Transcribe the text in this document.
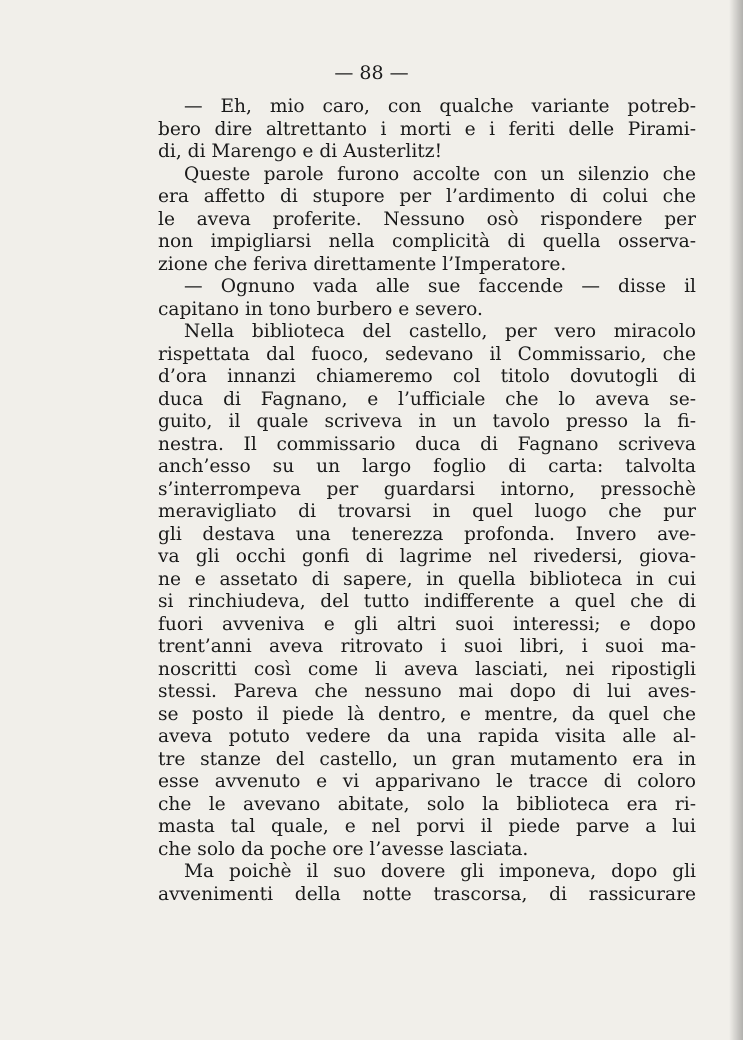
— 88 —
— Eh, mio caro, con qualche variante potreb-
bero dire altrettanto i morti e i feriti delle Pirami-
di, di Marengo e di Austerlitz!
Queste parole furono accolte con un silenzio che
era affetto di stupore per l’ardimento di colui che
le aveva proferite. Nessuno osò rispondere per
non impigliarsi nella complicità di quella osserva-
zione che feriva direttamente l’Imperatore.
— Ognuno vada alle sue faccende — disse il
capitano in tono burbero e severo.
Nella biblioteca del castello, per vero miracolo
rispettata dal fuoco, sedevano il Commissario, che
d’ora innanzi chiameremo col titolo dovutogli di
duca di Fagnano, e l’ufficiale che lo aveva se-
guito, il quale scriveva in un tavolo presso la fi-
nestra. Il commissario duca di Fagnano scriveva
anch’esso su un largo foglio di carta: talvolta
s’interrompeva per guardarsi intorno, pressochè
meravigliato di trovarsi in quel luogo che pur
gli destava una tenerezza profonda. Invero ave-
va gli occhi gonfi di lagrime nel rivedersi, giova-
ne e assetato di sapere, in quella biblioteca in cui
si rinchiudeva, del tutto indifferente a quel che di
fuori avveniva e gli altri suoi interessi; e dopo
trent’anni aveva ritrovato i suoi libri, i suoi ma-
noscritti così come li aveva lasciati, nei ripostigli
stessi. Pareva che nessuno mai dopo di lui aves-
se posto il piede là dentro, e mentre, da quel che
aveva potuto vedere da una rapida visita alle al-
tre stanze del castello, un gran mutamento era in
esse avvenuto e vi apparivano le tracce di coloro
che le avevano abitate, solo la biblioteca era ri-
masta tal quale, e nel porvi il piede parve a lui
che solo da poche ore l’avesse lasciata.
Ma poichè il suo dovere gli imponeva, dopo gli
avvenimenti della notte trascorsa, di rassicurare
